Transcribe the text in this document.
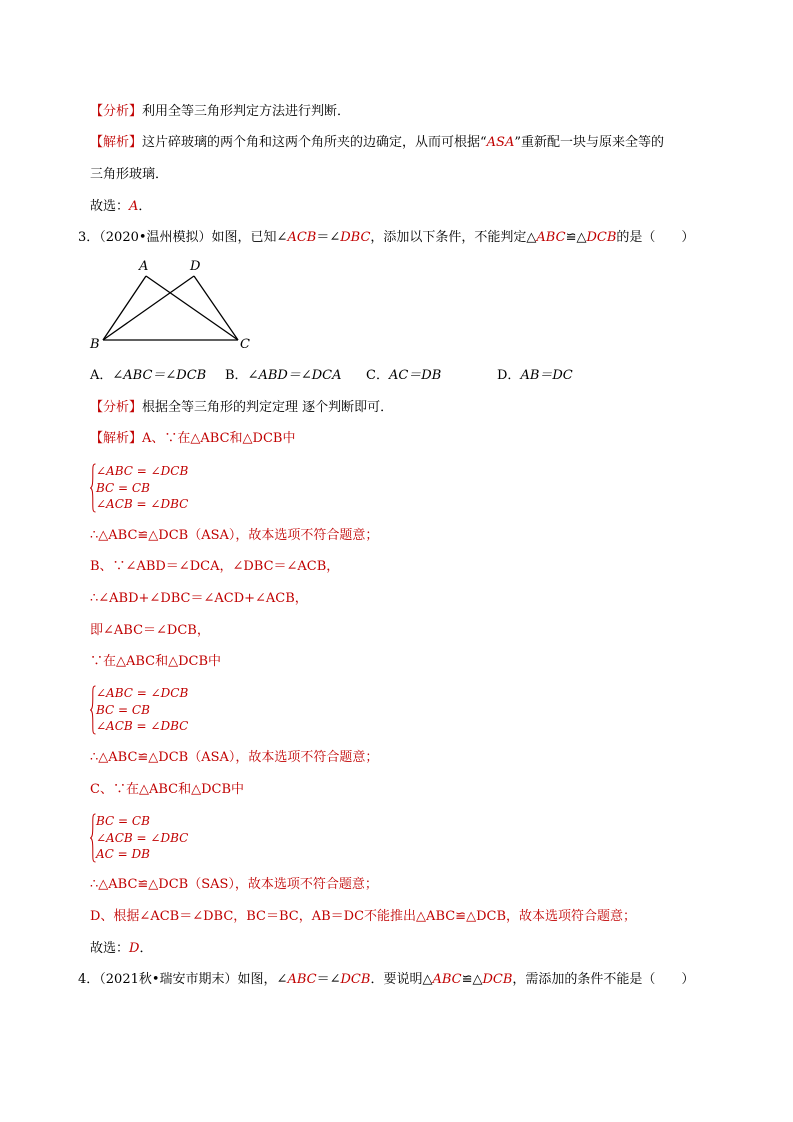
【分析】利用全等三角形判定方法进行判断．
【解析】这片碎玻璃的两个角和这两个角所夹的边确定，从而可根据“ASA”重新配一块与原来全等的
三角形玻璃．
故选：A．
3．（2020•温州模拟）如图，已知∠ACB＝∠DBC，添加以下条件，不能判定△ABC≌△DCB的是（　　）
A	D
B	C
A．∠ABC＝∠DCB B．∠ABD＝∠DCA C．AC＝DB	D．AB＝DC
【分析】根据全等三角形的判定定理 逐个判断即可．
【解析】A、∵在△ABC和△DCB中
∠ABC = ∠DCB
BC = CB
∠ACB = ∠DBC
∴△ABC≌△DCB（ASA），故本选项不符合题意；
B、∵∠ABD＝∠DCA，∠DBC＝∠ACB，
∴∠ABD+∠DBC＝∠ACD+∠ACB，
即∠ABC＝∠DCB，
∵在△ABC和△DCB中
∠ABC = ∠DCB
BC = CB
∠ACB = ∠DBC
∴△ABC≌△DCB（ASA），故本选项不符合题意；
C、∵在△ABC和△DCB中
BC = CB
∠ACB = ∠DBC
AC = DB
∴△ABC≌△DCB（SAS），故本选项不符合题意；
D、根据∠ACB＝∠DBC，BC＝BC，AB＝DC不能推出△ABC≌△DCB，故本选项符合题意；
故选：D．
4．（2021秋•瑞安市期末）如图，∠ABC＝∠DCB．要说明△ABC≌△DCB，需添加的条件不能是（　　）
